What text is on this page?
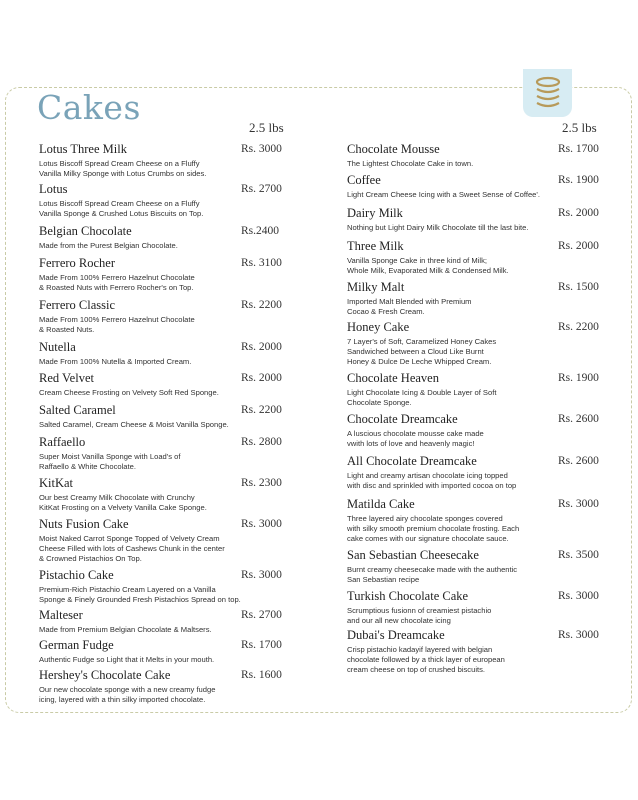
Cakes
2.5 lbs	2.5 lbs
Lotus Three Milk
Lotus Biscoff Spread Cream Cheese on a Fluffy
Vanilla Milky Sponge with Lotus Crumbs on sides.
Rs. 3000
Lotus
Lotus Biscoff Spread Cream Cheese on a Fluffy
Vanilla Sponge & Crushed Lotus Biscuits on Top.
Rs. 2700
Belgian Chocolate
Made from the Purest Belgian Chocolate.
Rs.2400
Ferrero Rocher
Made From 100% Ferrero Hazelnut Chocolate
& Roasted Nuts with Ferrero Rocher's on Top.
Rs. 3100
Ferrero Classic
Made From 100% Ferrero Hazelnut Chocolate
& Roasted Nuts.
Rs. 2200
Nutella
Made From 100% Nutella & Imported Cream.
Rs. 2000
Red Velvet
Cream Cheese Frosting on Velvety Soft Red Sponge.
Rs. 2000
Salted Caramel
Salted Caramel, Cream Cheese & Moist Vanilla Sponge.
Rs. 2200
Raffaello
Super Moist Vanilla Sponge with Load's of
Raffaello & White Chocolate.
Rs. 2800
KitKat
Our best Creamy Milk Chocolate with Crunchy
KitKat Frosting on a Velvety Vanilla Cake Sponge.
Rs. 2300
Nuts Fusion Cake
Moist Naked Carrot Sponge Topped of Velvety Cream
Cheese Filled with lots of Cashews Chunk in the center
& Crowned Pistachios On Top.
Rs. 3000
Pistachio Cake
Premium-Rich Pistachio Cream Layered on a Vanilla
Sponge & Finely Grounded Fresh Pistachios Spread on top.
Rs. 3000
Malteser
Made from Premium Belgian Chocolate & Maltsers.
Rs. 2700
German Fudge
Authentic Fudge so Light that it Melts in your mouth.
Rs. 1700
Hershey's Chocolate Cake
Our new chocolate sponge with a new creamy fudge
icing, layered with a thin silky imported chocolate.
Rs. 1600
Chocolate Mousse
The Lightest Chocolate Cake in town.
Rs. 1700
Coffee
Light Cream Cheese Icing with a Sweet Sense of Coffee'.
Rs. 1900
Dairy Milk
Nothing but Light Dairy Milk Chocolate till the last bite.
Rs. 2000
Three Milk
Vanilla Sponge Cake in three kind of Milk;
Whole Milk, Evaporated Milk & Condensed Milk.
Rs. 2000
Milky Malt
Imported Malt Blended with Premium
Cocao & Fresh Cream.
Rs. 1500
Honey Cake
7 Layer's of Soft, Caramelized Honey Cakes
Sandwiched between a Cloud Like Burnt
Honey & Dulce De Leche Whipped Cream.
Rs. 2200
Chocolate Heaven
Light Chocolate Icing & Double Layer of Soft
Chocolate Sponge.
Rs. 1900
Chocolate Dreamcake
A luscious chocolate mousse cake made
vwith lots of love and heavenly magic!
Rs. 2600
All Chocolate Dreamcake
Light and creamy artisan chocolate icing topped
with disc and sprinkled with imported cocoa on top
Rs. 2600
Matilda Cake
Three layered airy chocolate sponges covered
with silky smooth premium chocolate frosting. Each
cake comes with our signature chocolate sauce.
Rs. 3000
San Sebastian Cheesecake
Burnt creamy cheesecake made with the authentic
San Sebastian recipe
Rs. 3500
Turkish Chocolate Cake
Scrumptious fusionn of creamiest pistachio
and our all new chocolate icing
Rs. 3000
Dubai's Dreamcake
Crisp pistachio kadayif layered with belgian
chocolate followed by a thick layer of european
cream cheese on top of crushed biscuits.
Rs. 3000
